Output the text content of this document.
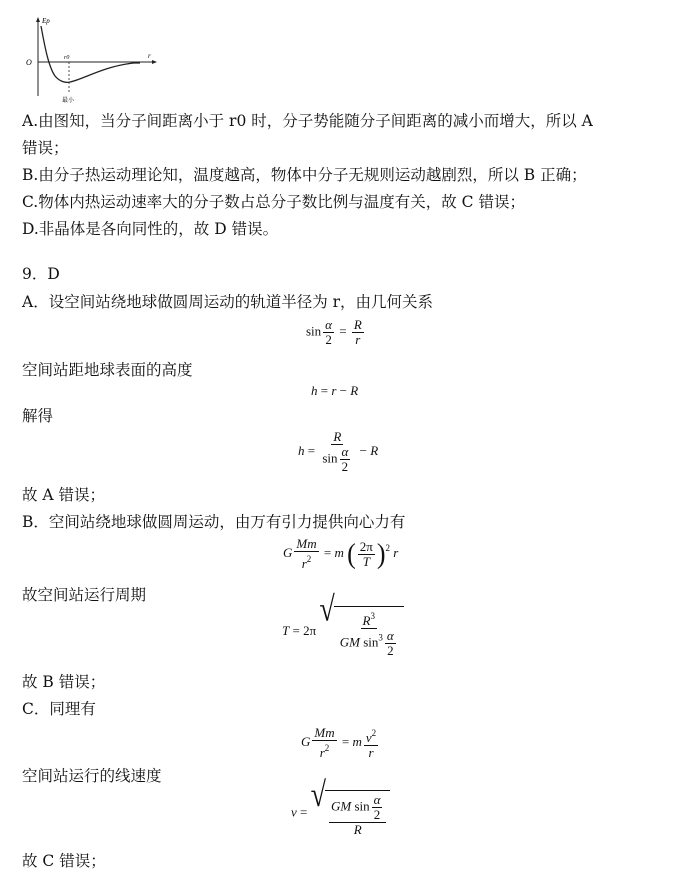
Ep
O	r0	r
最小
A.由图知，当分子间距离小于 r0 时，分子势能随分子间距离的减小而增大，所以 A
错误；
B.由分子热运动理论知，温度越高，物体中分子无规则运动越剧烈，所以 B 正确；
C.物体内热运动速率大的分子数占总分子数比例与温度有关，故 C 错误；
D.非晶体是各向同性的，故 D 错误。
9．D
A．设空间站绕地球做圆周运动的轨道半径为 r，由几何关系
$\sin \frac{\alpha}{2} = \frac{R}{r}$
空间站距地球表面的高度
h = r − R
解得
$h = \frac{R}{\sin \frac{\alpha}{2}} - R$
故 A 错误；
B．空间站绕地球做圆周运动，由万有引力提供向心力有
G $\frac{Mm}{r^2} = m$ ( $\frac{2\pi}{T} )^2$ r
故空间站运行周期
T = 2π
√ $\frac{R^3}{GM \sin^3 \frac{\alpha}{2}}$
故 B 错误；
C．同理有
G $\frac{Mm}{r^2} = m \frac{v^2}{r}$
空间站运行的线速度
v = √ $\frac{GM \sin \frac{\alpha}{2}}{R}$
故 C 错误；
